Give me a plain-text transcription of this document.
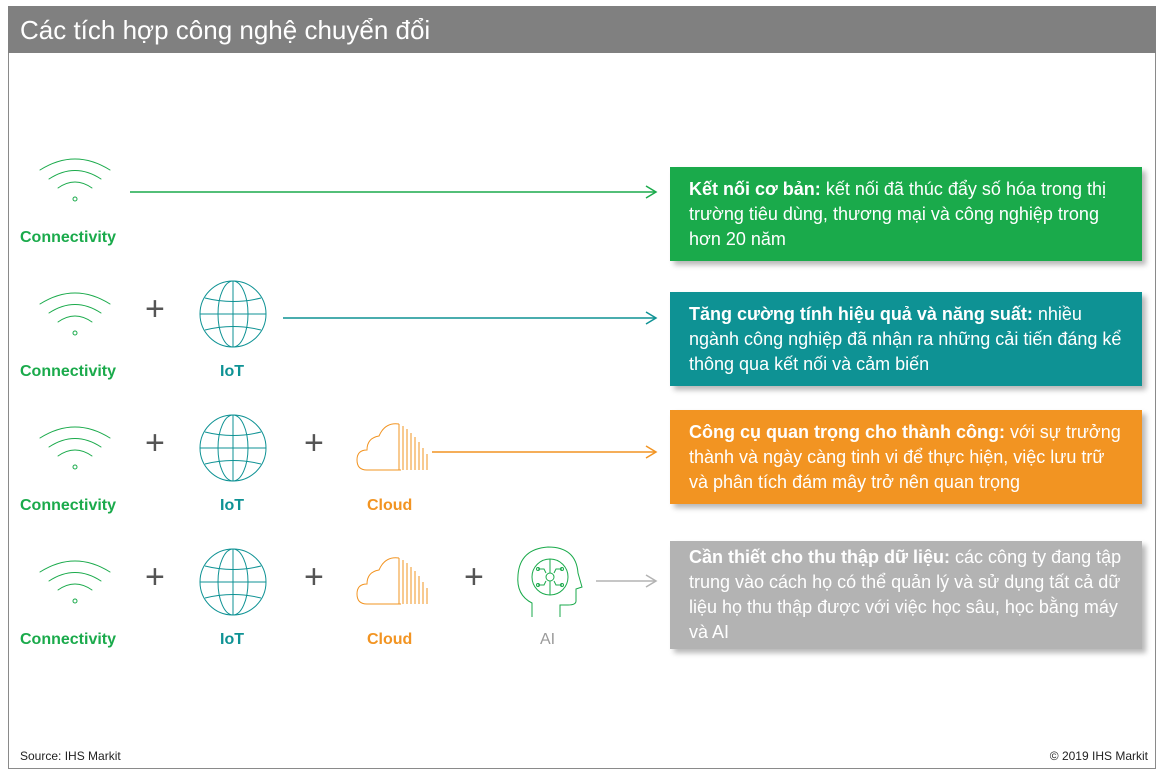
Các tích hợp công nghệ chuyển đổi
Connectivity
Kết nối cơ bản: kết nối đã thúc đẩy số hóa trong thị trường tiêu dùng, thương mại và công nghiệp trong hơn 20 năm
Connectivity
+
IoT
Tăng cường tính hiệu quả và năng suất: nhiều ngành công nghiệp đã nhận ra những cải tiến đáng kể thông qua kết nối và cảm biến
Connectivity
+
IoT
+
Cloud
Công cụ quan trọng cho thành công: với sự trưởng thành và ngày càng tinh vi để thực hiện, việc lưu trữ và phân tích đám mây trở nên quan trọng
Connectivity
+
IoT
+
Cloud
+
AI
Cần thiết cho thu thập dữ liệu: các công ty đang tập trung vào cách họ có thể quản lý và sử dụng tất cả dữ liệu họ thu thập được với việc học sâu, học bằng máy và AI
Source: IHS Markit	© 2019 IHS Markit
